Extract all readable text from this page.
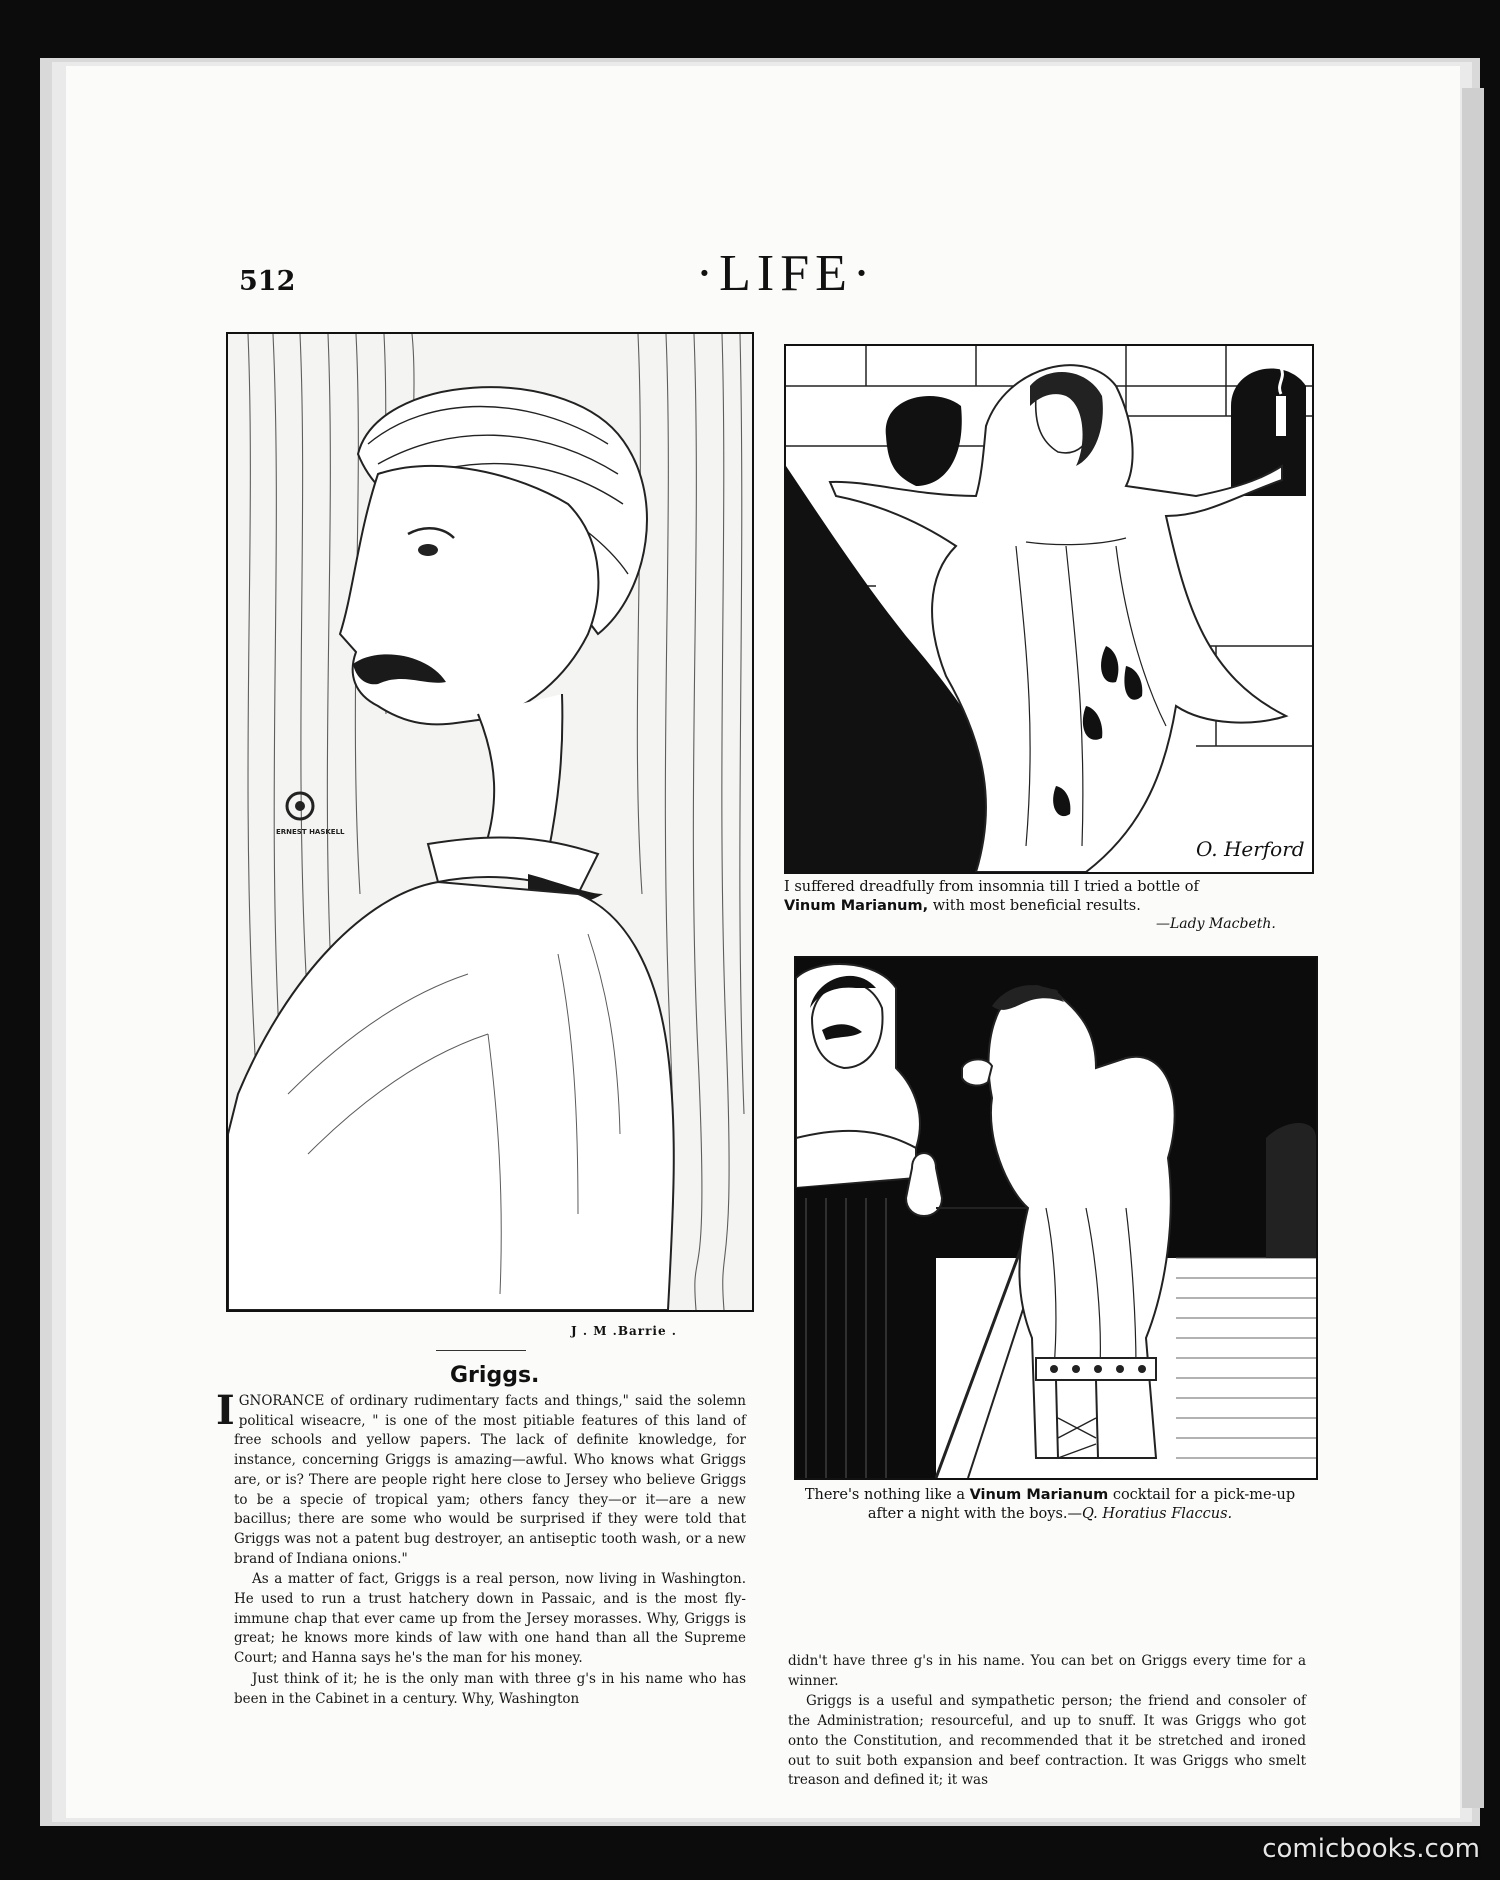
512	·LIFE·
ERNEST HASKELL
J . M .Barrie .
Griggs.

IGNORANCE of ordinary rudimentary facts and things," said the solemn political wiseacre, " is one of the most pitiable features of this land of free schools and yellow papers. The lack of definite knowledge, for instance, concerning Griggs is amazing—awful. Who knows what Griggs are, or is? There are people right here close to Jersey who believe Griggs to be a specie of tropical yam; others fancy they—or it—are a new bacillus; there are some who would be surprised if they were told that Griggs was not a patent bug destroyer, an antiseptic tooth wash, or a new brand of Indiana onions."

As a matter of fact, Griggs is a real person, now living in Washington. He used to run a trust hatchery down in Passaic, and is the most fly-immune chap that ever came up from the Jersey morasses. Why, Griggs is great; he knows more kinds of law with one hand than all the Supreme Court; and Hanna says he's the man for his money.

Just think of it; he is the only man with three g's in his name who has been in the Cabinet in a century. Why, Washington

didn't have three g's in his name. You can bet on Griggs every time for a winner.

Griggs is a useful and sympathetic person; the friend and consoler of the Administration; resourceful, and up to snuff. It was Griggs who got onto the Constitution, and recommended that it be stretched and ironed out to suit both expansion and beef contraction. It was Griggs who smelt treason and defined it; it was

O. Herford
I suffered dreadfully from insomnia till I tried a bottle of
Vinum Marianum, with most beneficial results.
—Lady Macbeth.
There's nothing like a Vinum Marianum cocktail for a pick-me-up after a night with the boys.—Q. Horatius Flaccus.
comicbooks.com
